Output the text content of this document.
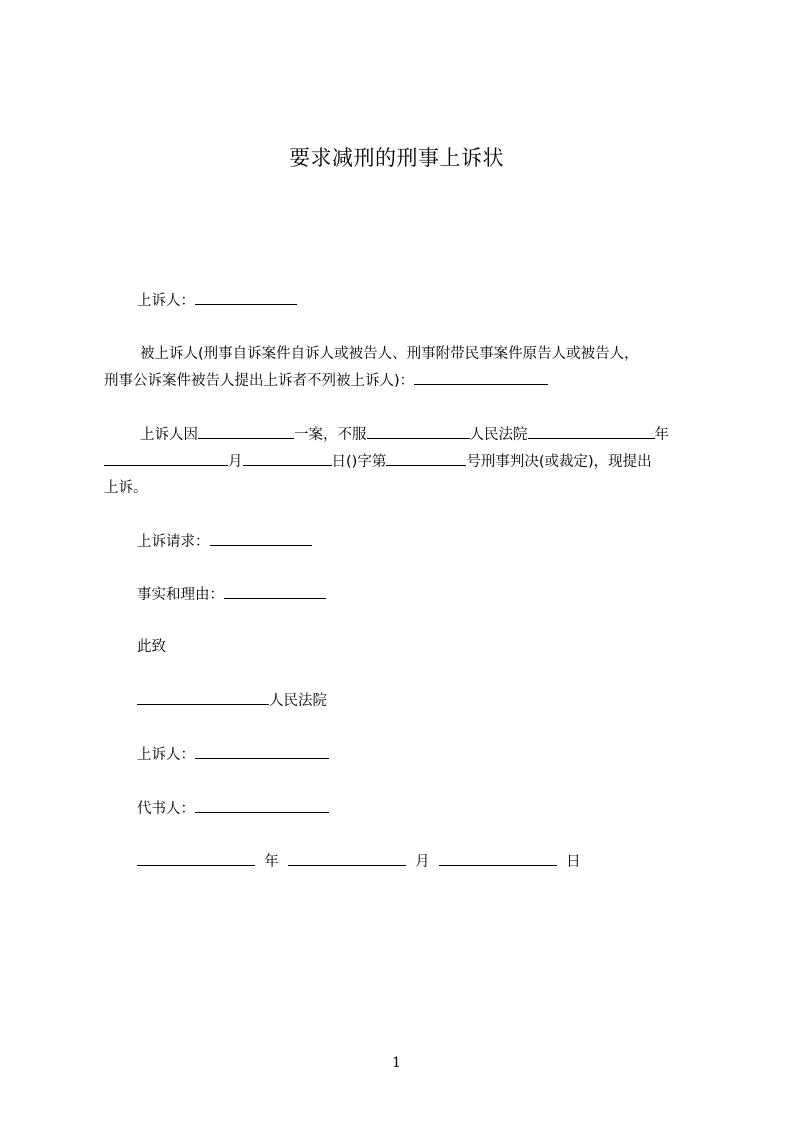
要求减刑的刑事上诉状
上诉人：
被上诉人(刑事自诉案件自诉人或被告人、刑事附带民事案件原告人或被告人，
刑事公诉案件被告人提出上诉者不列被上诉人)：
上诉人因	一案，不服	人民法院	年
月	日()字第	号刑事判决(或裁定)，现提出
上诉。
上诉请求：
事实和理由：
此致
人民法院
上诉人：
代书人：
年	月	日
1
